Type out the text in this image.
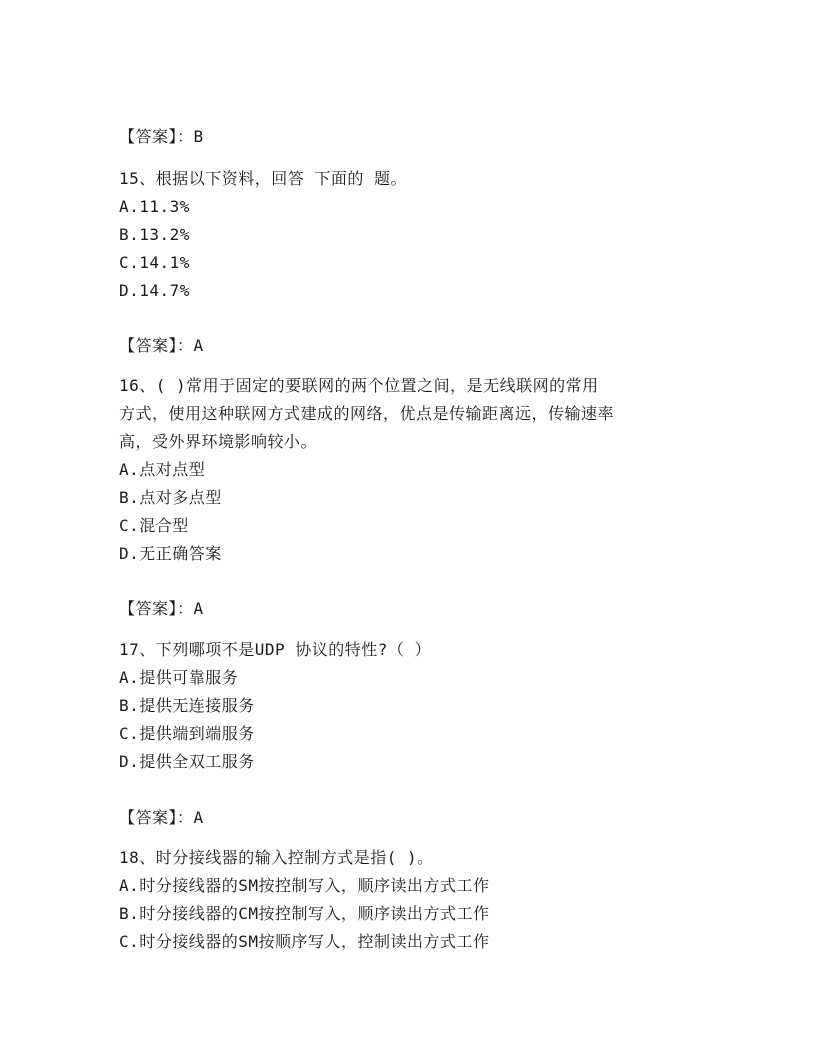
【答案】：B
15、根据以下资料，回答 下面的 题。
A.11.3%
B.13.2%
C.14.1%
D.14.7%
【答案】：A
16、( )常用于固定的要联网的两个位置之间，是无线联网的常用
方式，使用这种联网方式建成的网络，优点是传输距离远，传输速率
高，受外界环境影响较小。
A.点对点型
B.点对多点型
C.混合型
D.无正确答案
【答案】：A
17、下列哪项不是UDP 协议的特性?（ ）
A.提供可靠服务
B.提供无连接服务
C.提供端到端服务
D.提供全双工服务
【答案】：A
18、时分接线器的输入控制方式是指( )。
A.时分接线器的SM按控制写入，顺序读出方式工作
B.时分接线器的CM按控制写入，顺序读出方式工作
C.时分接线器的SM按顺序写人，控制读出方式工作
